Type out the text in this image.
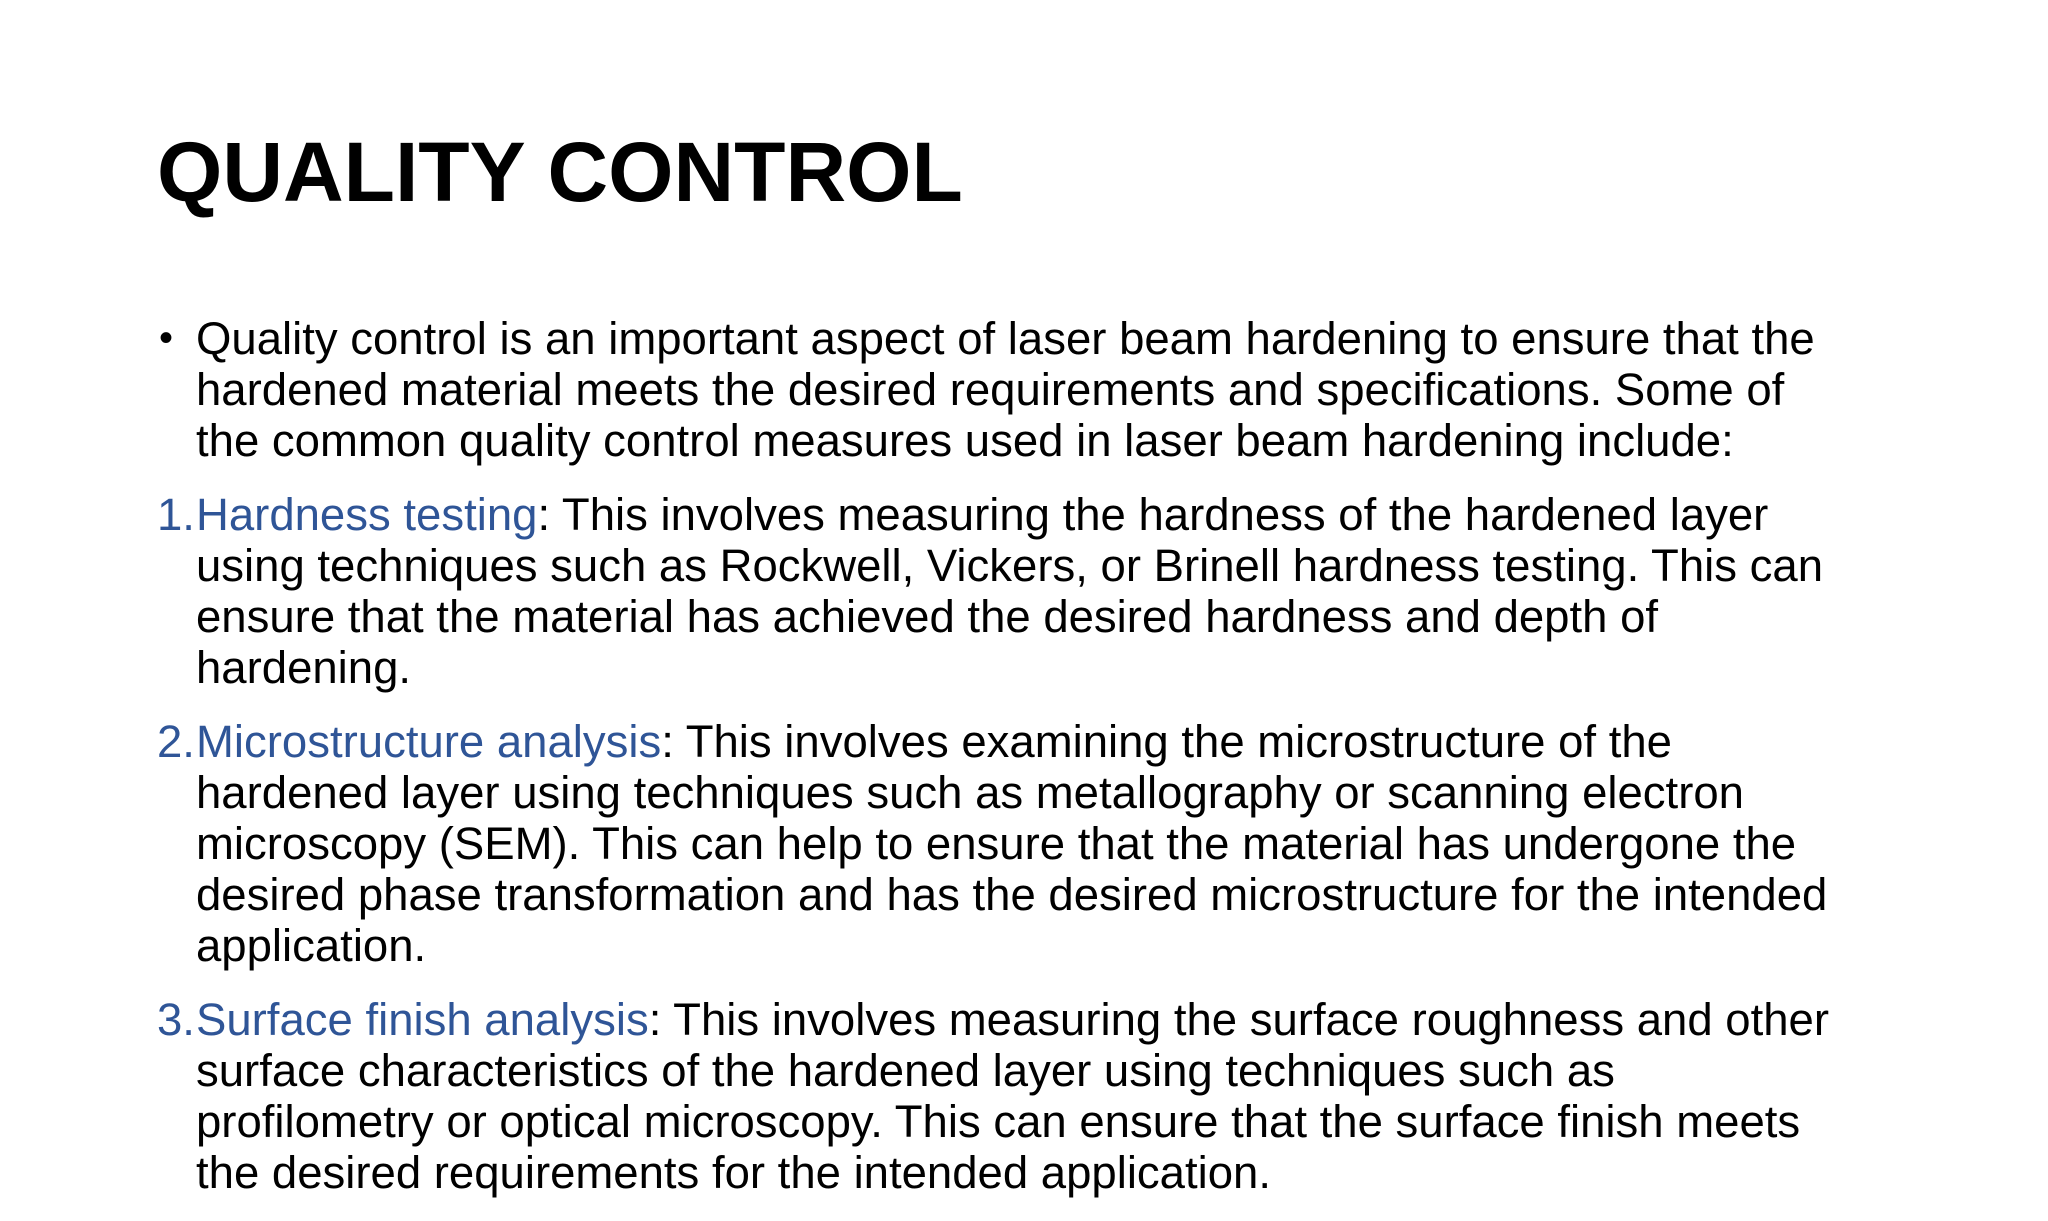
QUALITY CONTROL
• Quality control is an important aspect of laser beam hardening to ensure that the
hardened material meets the desired requirements and specifications. Some of
the common quality control measures used in laser beam hardening include:
1. Hardness testing: This involves measuring the hardness of the hardened layer
using techniques such as Rockwell, Vickers, or Brinell hardness testing. This can
ensure that the material has achieved the desired hardness and depth of
hardening.
2. Microstructure analysis: This involves examining the microstructure of the
hardened layer using techniques such as metallography or scanning electron
microscopy (SEM). This can help to ensure that the material has undergone the
desired phase transformation and has the desired microstructure for the intended
application.
3. Surface finish analysis: This involves measuring the surface roughness and other
surface characteristics of the hardened layer using techniques such as
profilometry or optical microscopy. This can ensure that the surface finish meets
the desired requirements for the intended application.
